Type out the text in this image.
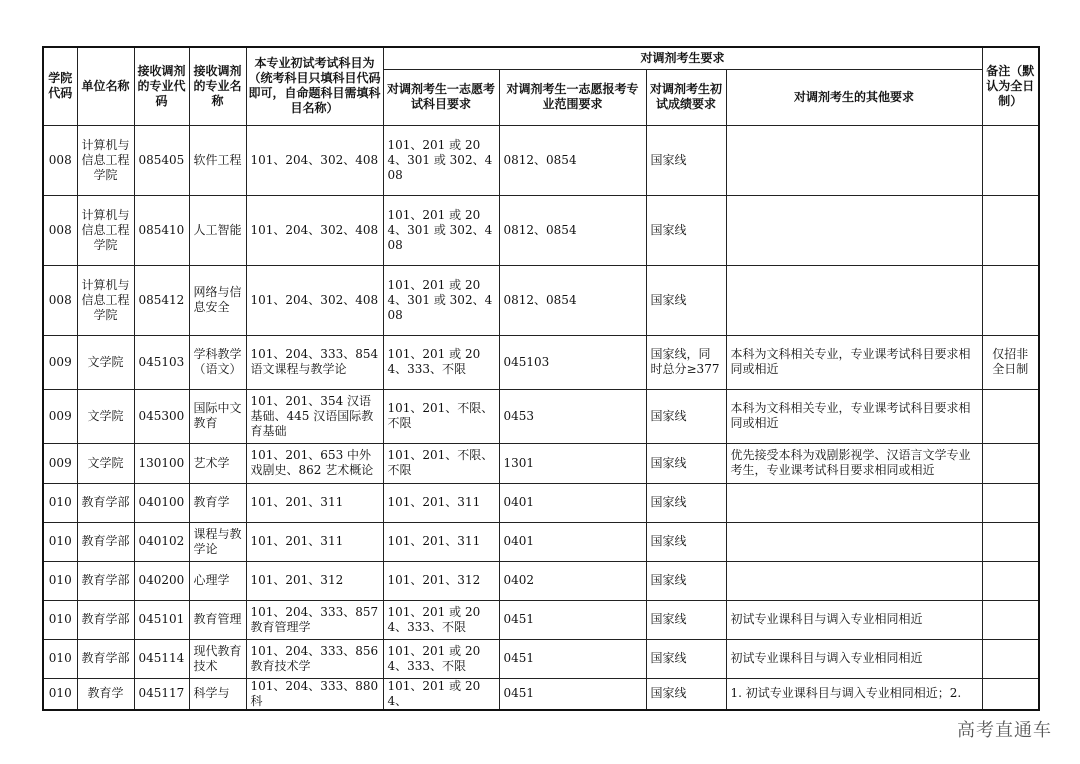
学院代码	单位名称	接收调剂的专业代码	接收调剂的专业名称	本专业初试考试科目为（统考科目只填科目代码即可，自命题科目需填科目名称）	对调剂考生要求				备注（默认为全日制）
					对调剂考生一志愿考试科目要求	对调剂考生一志愿报考专业范围要求	对调剂考生初试成绩要求	对调剂考生的其他要求	
008	计算机与信息工程学院	085405	软件工程	101、204、302、408	101、201 或 204、301 或 302、408	0812、0854	国家线		
008	计算机与信息工程学院	085410	人工智能	101、204、302、408	101、201 或 204、301 或 302、408	0812、0854	国家线		
008	计算机与信息工程学院	085412	网络与信息安全	101、204、302、408	101、201 或 204、301 或 302、408	0812、0854	国家线		
009	文学院	045103	学科教学（语文）	101、204、333、854 语文课程与教学论	101、201 或 204、333、不限	045103	国家线，同时总分≥377	本科为文科相关专业，专业课考试科目要求相同或相近	仅招非全日制
009	文学院	045300	国际中文教育	101、201、354 汉语基础、445 汉语国际教育基础	101、201、不限、不限	0453	国家线	本科为文科相关专业，专业课考试科目要求相同或相近	
009	文学院	130100	艺术学	101、201、653 中外戏剧史、862 艺术概论	101、201、不限、不限	1301	国家线	优先接受本科为戏剧影视学、汉语言文学专业考生，专业课考试科目要求相同或相近	
010	教育学部	040100	教育学	101、201、311	101、201、311	0401	国家线		
010	教育学部	040102	课程与教学论	101、201、311	101、201、311	0401	国家线		
010	教育学部	040200	心理学	101、201、312	101、201、312	0402	国家线		
010	教育学部	045101	教育管理	101、204、333、857 教育管理学	101、201 或 204、333、不限	0451	国家线	初试专业课科目与调入专业相同相近	
010	教育学部	045114	现代教育技术	101、204、333、856 教育技术学	101、201 或 204、333、不限	0451	国家线	初试专业课科目与调入专业相同相近	
010	教育学	045117	科学与	101、204、333、880 科	101、201 或 204、	0451	国家线	1. 初试专业课科目与调入专业相同相近；2.	
高考直通车
